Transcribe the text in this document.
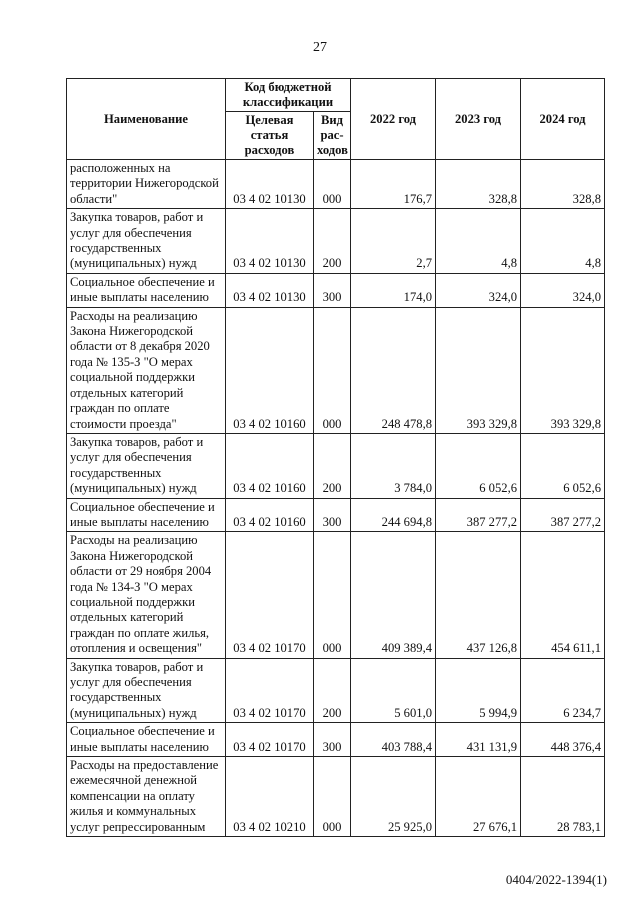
27
Наименование	Код бюджетной классификации		2022 год	2023 год	2024 год
	Целевая статья расходов	Вид рас-ходов			
расположенных на территории Нижегородской области"	03 4 02 10130	000	176,7	328,8	328,8
Закупка товаров, работ и услуг для обеспечения государственных (муниципальных) нужд	03 4 02 10130	200	2,7	4,8	4,8
Социальное обеспечение и иные выплаты населению	03 4 02 10130	300	174,0	324,0	324,0
Расходы на реализацию Закона Нижегородской области от 8 декабря 2020 года № 135-З "О мерах социальной поддержки отдельных категорий граждан по оплате стоимости проезда"	03 4 02 10160	000	248 478,8	393 329,8	393 329,8
Закупка товаров, работ и услуг для обеспечения государственных (муниципальных) нужд	03 4 02 10160	200	3 784,0	6 052,6	6 052,6
Социальное обеспечение и иные выплаты населению	03 4 02 10160	300	244 694,8	387 277,2	387 277,2
Расходы на реализацию Закона Нижегородской области от 29 ноября 2004 года № 134-З "О мерах социальной поддержки отдельных категорий граждан по оплате жилья, отопления и освещения"	03 4 02 10170	000	409 389,4	437 126,8	454 611,1
Закупка товаров, работ и услуг для обеспечения государственных (муниципальных) нужд	03 4 02 10170	200	5 601,0	5 994,9	6 234,7
Социальное обеспечение и иные выплаты населению	03 4 02 10170	300	403 788,4	431 131,9	448 376,4
Расходы на предоставление ежемесячной денежной компенсации на оплату жилья и коммунальных услуг репрессированным	03 4 02 10210	000	25 925,0	27 676,1	28 783,1
0404/2022-1394(1)
